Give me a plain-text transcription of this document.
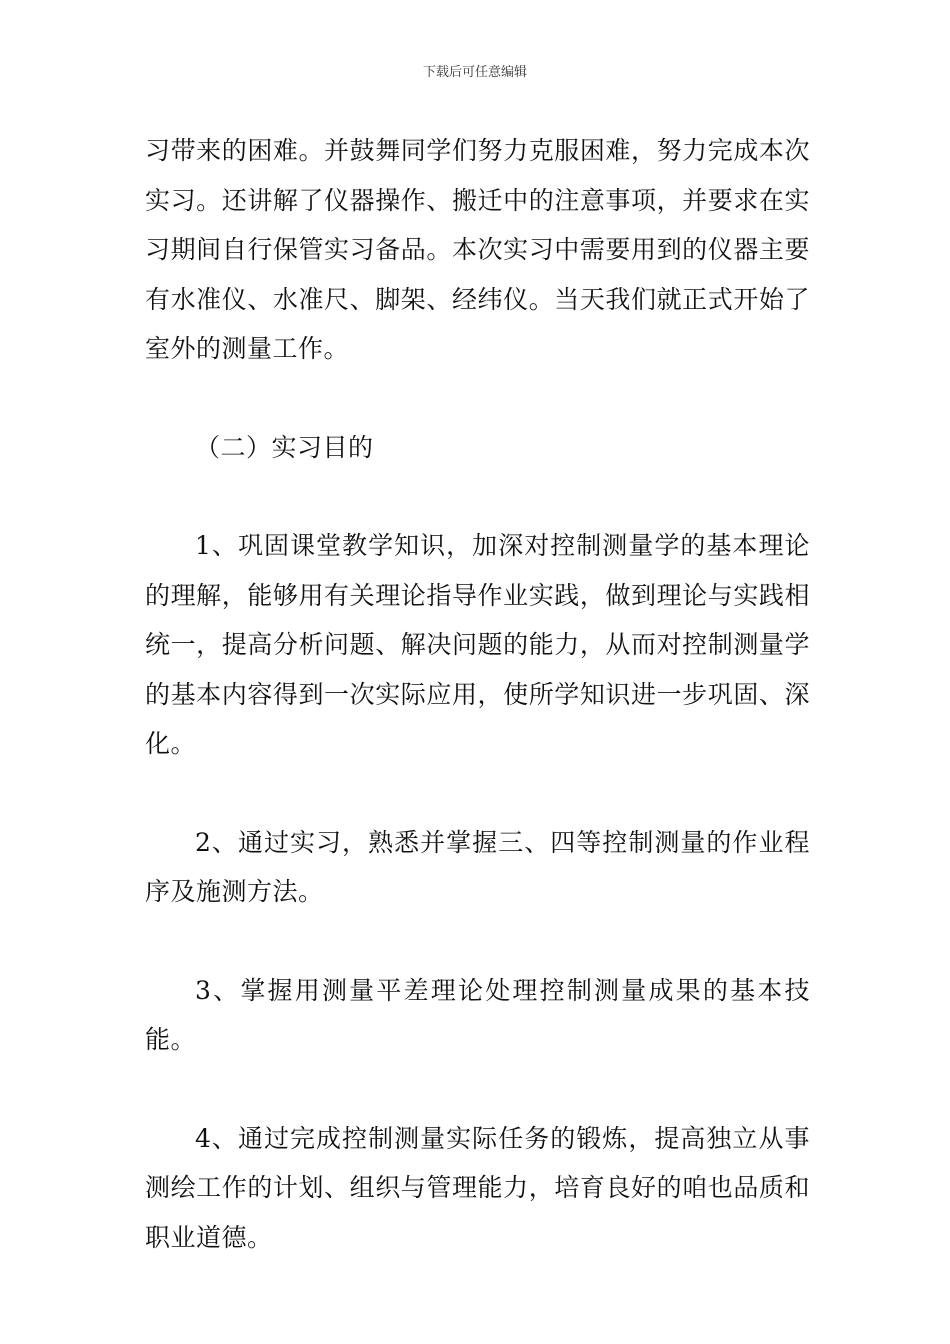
下载后可任意编辑

习带来的困难。并鼓舞同学们努力克服困难，努力完成本次实习。还讲解了仪器操作、搬迁中的注意事项，并要求在实习期间自行保管实习备品。本次实习中需要用到的仪器主要有水准仪、水准尺、脚架、经纬仪。当天我们就正式开始了室外的测量工作。

（二）实习目的

1、巩固课堂教学知识，加深对控制测量学的基本理论的理解，能够用有关理论指导作业实践，做到理论与实践相统一，提高分析问题、解决问题的能力，从而对控制测量学的基本内容得到一次实际应用，使所学知识进一步巩固、深化。

2、通过实习，熟悉并掌握三、四等控制测量的作业程序及施测方法。

3、掌握用测量平差理论处理控制测量成果的基本技能。

4、通过完成控制测量实际任务的锻炼，提高独立从事测绘工作的计划、组织与管理能力，培育良好的咱也品质和职业道德。
